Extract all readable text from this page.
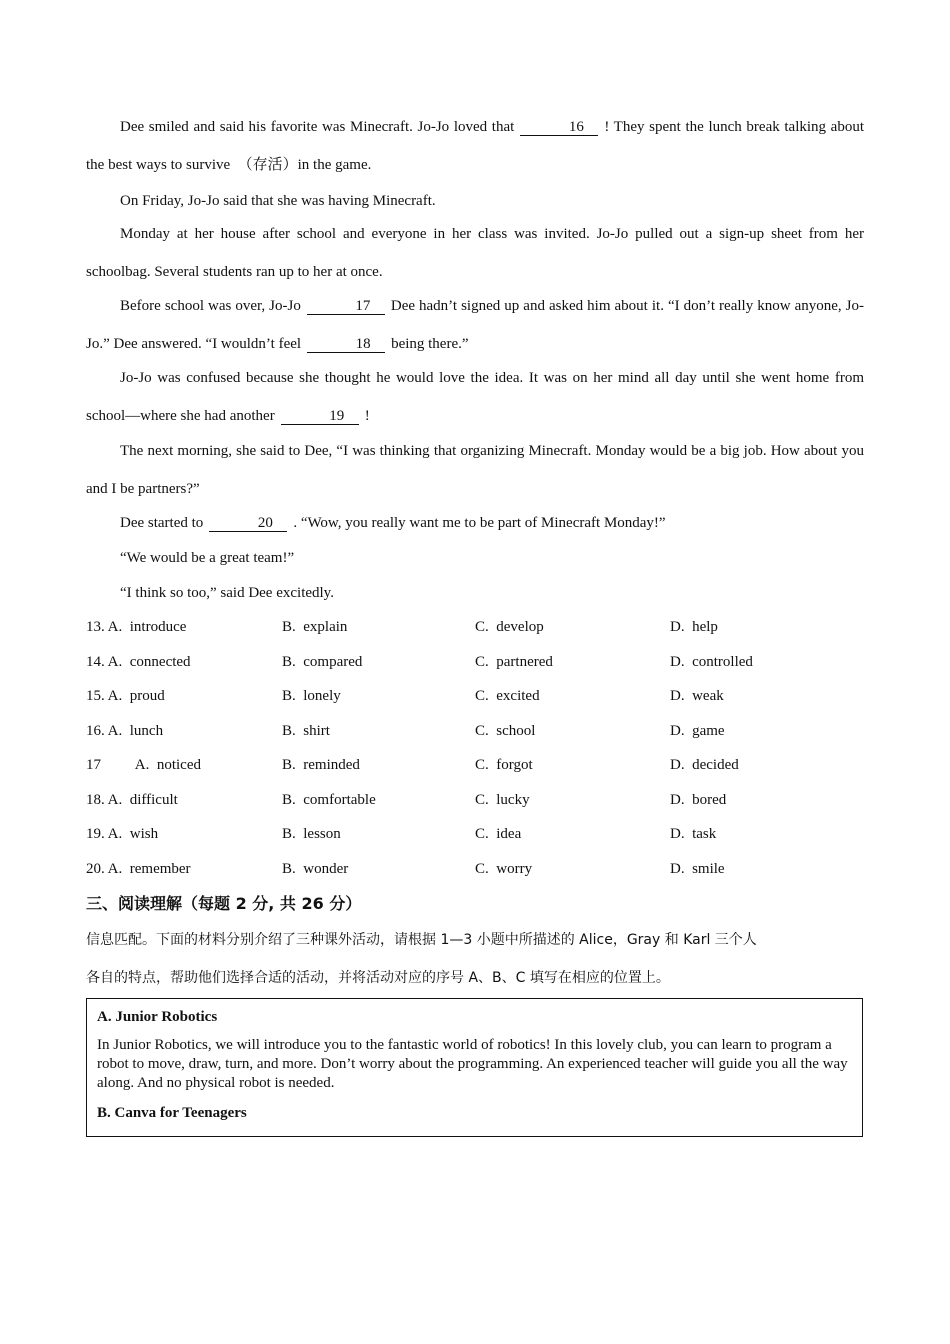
Dee smiled and said his favorite was Minecraft. Jo-Jo loved that	16 ! They spent the lunch break talking about the best ways to survive  （存活）in the game.

On Friday, Jo-Jo said that she was having Minecraft.

Monday at her house after school and everyone in her class was invited. Jo-Jo pulled out a sign-up sheet from her schoolbag. Several students ran up to her at once.

Before school was over, Jo-Jo	17 Dee hadn’t signed up and asked him about it. “I don’t really know anyone, Jo-Jo.” Dee answered. “I wouldn’t feel	18 being there.”

Jo-Jo was confused because she thought he would love the idea. It was on her mind all day until she went home from school—where she had another	19 !

The next morning, she said to Dee, “I was thinking that organizing Minecraft. Monday would be a big job. How about you and I be partners?”

Dee started to	20 . “Wow, you really want me to be part of Minecraft Monday!”

“We would be a great team!”

“I think so too,” said Dee excitedly.

13. A.  introduce	B.  explain	C.  develop	D.  help
14. A.  connected	B.  compared	C.  partnered	D.  controlled
15. A.  proud	B.  lonely	C.  excited	D.  weak
16. A.  lunch	B.  shirt	C.  school	D.  game
17         A.  noticed	B.  reminded	C.  forgot	D.  decided
18. A.  difficult	B.  comfortable	C.  lucky	D.  bored
19. A.  wish	B.  lesson	C.  idea	D.  task
20. A.  remember	B.  wonder	C.  worry	D.  smile
三、阅读理解（每题 2 分, 共 26 分）
信息匹配。下面的材料分别介绍了三种课外活动，请根据 1—3 小题中所描述的 Alice，Gray 和 Karl 三个人
各自的特点，帮助他们选择合适的活动，并将活动对应的序号 A、B、C 填写在相应的位置上。
A. Junior Robotics
In Junior Robotics, we will introduce you to the fantastic world of robotics! In this lovely club, you can learn to program a robot to move, draw, turn, and more. Don’t worry about the programming. An experienced teacher will guide you all the way along. And no physical robot is needed.
B. Canva for Teenagers
